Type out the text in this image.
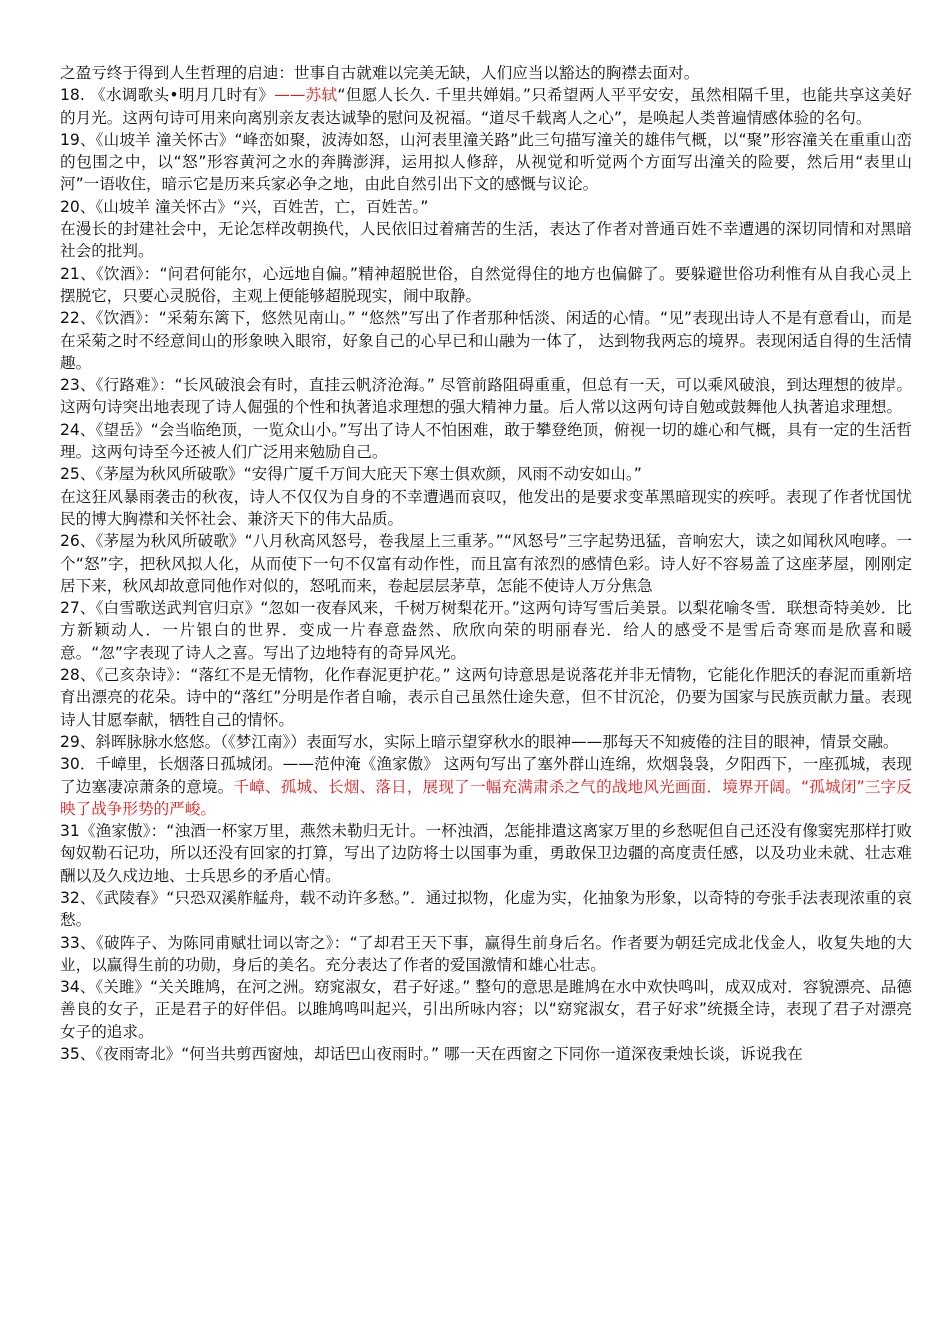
之盈亏终于得到人生哲理的启迪：世事自古就难以完美无缺，人们应当以豁达的胸襟去面对。

18. 《水调歌头•明月几时有》——苏轼“但愿人长久. 千里共婵娟。”只希望两人平平安安，虽然相隔千里，也能共享这美好的月光。这两句诗可用来向离别亲友表达诚挚的慰问及祝福。“道尽千载离人之心”，是唤起人类普遍情感体验的名句。

19、《山坡羊 潼关怀古》“峰峦如聚，波涛如怒，山河表里潼关路”此三句描写潼关的雄伟气概，以“聚”形容潼关在重重山峦的包围之中，以“怒”形容黄河之水的奔腾澎湃，运用拟人修辞，从视觉和听觉两个方面写出潼关的险要，然后用“表里山河”一语收住，暗示它是历来兵家必争之地，由此自然引出下文的感慨与议论。

20、《山坡羊 潼关怀古》“兴，百姓苦，亡，百姓苦。”

在漫长的封建社会中，无论怎样改朝换代，人民依旧过着痛苦的生活，表达了作者对普通百姓不幸遭遇的深切同情和对黑暗社会的批判。

21、《饮酒》：“问君何能尔，心远地自偏。”精神超脱世俗，自然觉得住的地方也偏僻了。要躲避世俗功利惟有从自我心灵上摆脱它，只要心灵脱俗，主观上便能够超脱现实，闹中取静。

22、《饮酒》：“采菊东篱下，悠然见南山。” “悠然”写出了作者那种恬淡、闲适的心情。“见”表现出诗人不是有意看山，而是在采菊之时不经意间山的形象映入眼帘，好象自己的心早已和山融为一体了， 达到物我两忘的境界。表现闲适自得的生活情趣。

23、《行路难》：“长风破浪会有时，直挂云帆济沧海。” 尽管前路阻碍重重，但总有一天，可以乘风破浪，到达理想的彼岸。这两句诗突出地表现了诗人倔强的个性和执著追求理想的强大精神力量。后人常以这两句诗自勉或鼓舞他人执著追求理想。

24、《望岳》“会当临绝顶，一览众山小。”写出了诗人不怕困难，敢于攀登绝顶，俯视一切的雄心和气概，具有一定的生活哲理。这两句诗至今还被人们广泛用来勉励自己。

25、《茅屋为秋风所破歌》“安得广厦千万间大庇天下寒士俱欢颜，风雨不动安如山。”

在这狂风暴雨袭击的秋夜，诗人不仅仅为自身的不幸遭遇而哀叹，他发出的是要求变革黑暗现实的疾呼。表现了作者忧国忧民的博大胸襟和关怀社会、兼济天下的伟大品质。

26、《茅屋为秋风所破歌》“八月秋高风怒号，卷我屋上三重茅。”“风怒号”三字起势迅猛，音响宏大，读之如闻秋风咆哮。一个“怒”字，把秋风拟人化，从而使下一句不仅富有动作性，而且富有浓烈的感情色彩。诗人好不容易盖了这座茅屋，刚刚定居下来，秋风却故意同他作对似的，怒吼而来，卷起层层茅草，怎能不使诗人万分焦急

27、《白雪歌送武判官归京》“忽如一夜春风来，千树万树梨花开。”这两句诗写雪后美景。以梨花喻冬雪．联想奇特美妙．比方新颖动人．一片银白的世界．变成一片春意盎然、欣欣向荣的明丽春光．给人的感受不是雪后奇寒而是欣喜和暖意。“忽”字表现了诗人之喜。写出了边地特有的奇异风光。

28、《己亥杂诗》：“落红不是无情物，化作春泥更护花。” 这两句诗意思是说落花并非无情物，它能化作肥沃的春泥而重新培育出漂亮的花朵。诗中的“落红”分明是作者自喻，表示自己虽然仕途失意，但不甘沉沦，仍要为国家与民族贡献力量。表现诗人甘愿奉献，牺牲自己的情怀。

29、斜晖脉脉水悠悠。（《梦江南》）表面写水，实际上暗示望穿秋水的眼神——那每天不知疲倦的注目的眼神，情景交融。

30．千嶂里，长烟落日孤城闭。——范仲淹《渔家傲》 这两句写出了塞外群山连绵，炊烟袅袅，夕阳西下，一座孤城，表现了边塞凄凉萧条的意境。千嶂、孤城、长烟、落日，展现了一幅充满肃杀之气的战地风光画面．境界开阔。“孤城闭”三字反映了战争形势的严峻。

31《渔家傲》：“浊酒一杯家万里，燕然未勒归无计。一杯浊酒，怎能排遣这离家万里的乡愁呢但自己还没有像窦宪那样打败匈奴勒石记功，所以还没有回家的打算，写出了边防将士以国事为重，勇敢保卫边疆的高度责任感，以及功业未就、壮志难酬以及久戍边地、士兵思乡的矛盾心情。

32、《武陵春》“只恐双溪舴艋舟，载不动许多愁。”．通过拟物，化虚为实，化抽象为形象，以奇特的夸张手法表现浓重的哀愁。

33、《破阵子、为陈同甫赋壮词以寄之》：“了却君王天下事，赢得生前身后名。作者要为朝廷完成北伐金人，收复失地的大业，以赢得生前的功勋，身后的美名。充分表达了作者的爱国激情和雄心壮志。

34、《关雎》“关关雎鸠，在河之洲。窈窕淑女，君子好逑。” 整句的意思是雎鸠在水中欢快鸣叫，成双成对．容貌漂亮、品德善良的女子，正是君子的好伴侣。以雎鸠鸣叫起兴，引出所咏内容；以“窈窕淑女，君子好求”统摄全诗，表现了君子对漂亮女子的追求。

35、《夜雨寄北》“何当共剪西窗烛，却话巴山夜雨时。” 哪一天在西窗之下同你一道深夜秉烛长谈，诉说我在
